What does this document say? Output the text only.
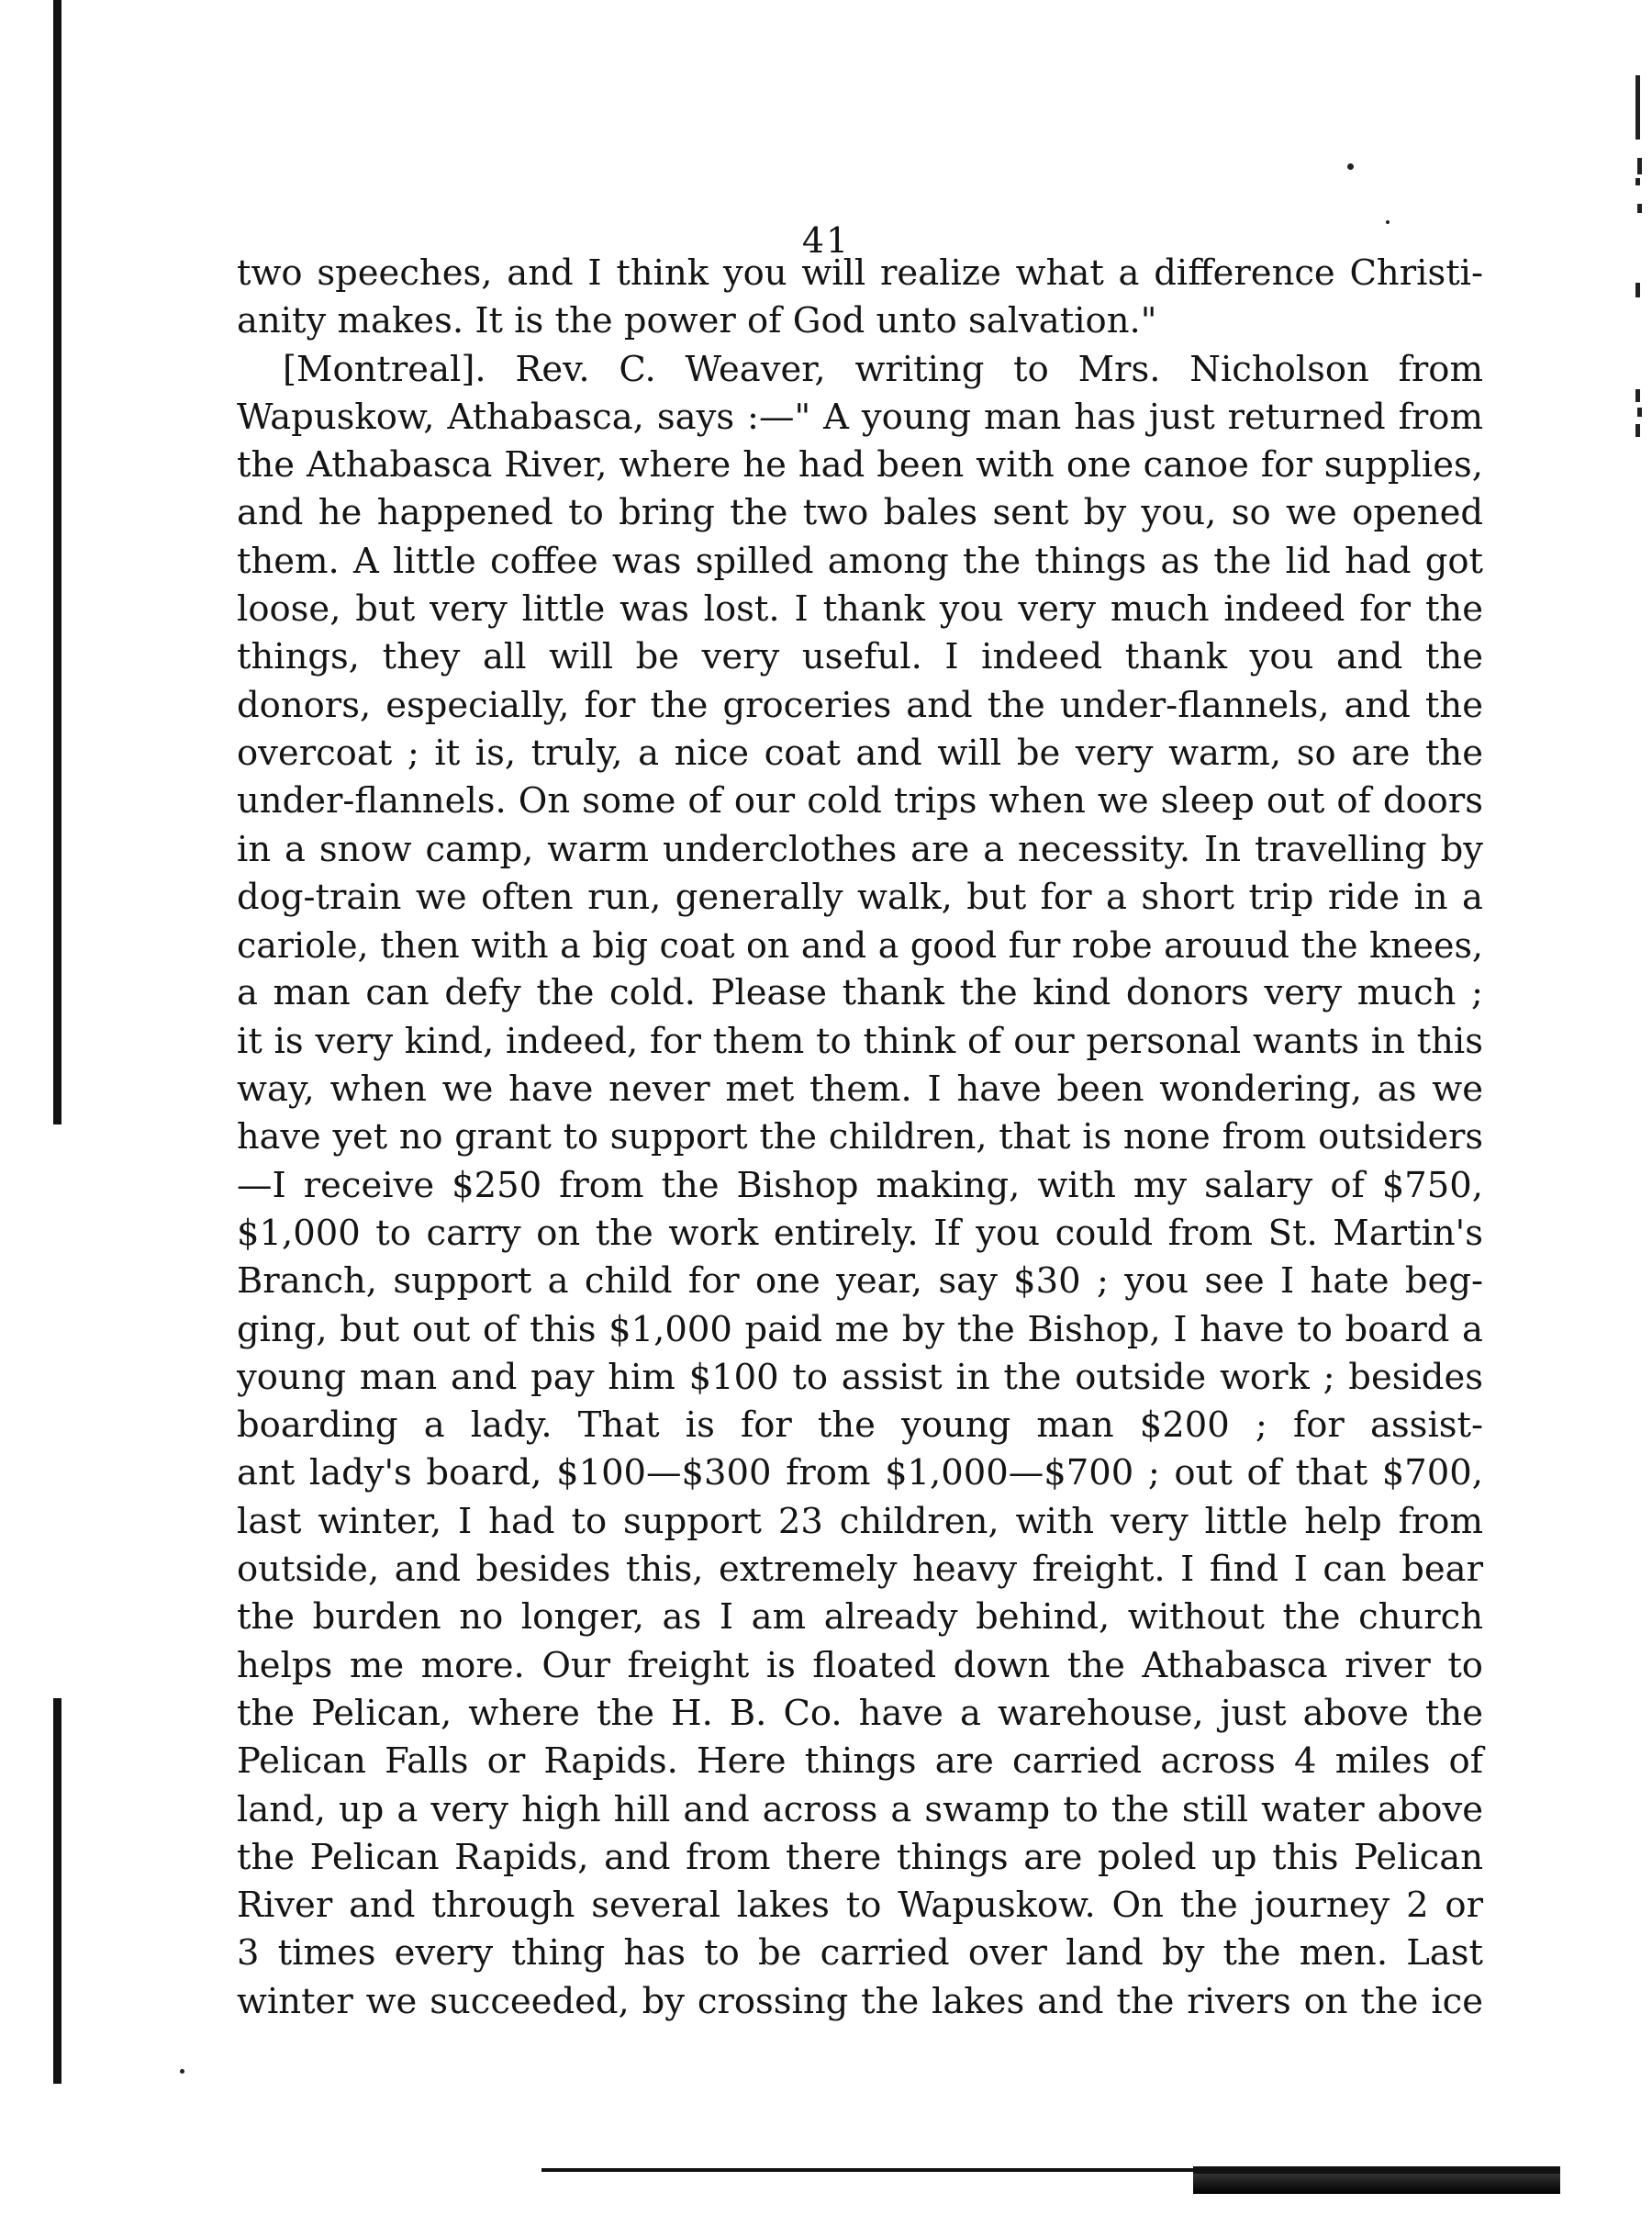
41
two speeches, and I think you will realize what a difference Christi-
anity makes. It is the power of God unto salvation."
[Montreal]. Rev. C. Weaver, writing to Mrs. Nicholson from
Wapuskow, Athabasca, says :—" A young man has just returned from
the Athabasca River, where he had been with one canoe for supplies,
and he happened to bring the two bales sent by you, so we opened
them. A little coffee was spilled among the things as the lid had got
loose, but very little was lost. I thank you very much indeed for the
things, they all will be very useful. I indeed thank you and the
donors, especially, for the groceries and the under-flannels, and the
overcoat ; it is, truly, a nice coat and will be very warm, so are the
under-flannels. On some of our cold trips when we sleep out of doors
in a snow camp, warm underclothes are a necessity. In travelling by
dog-train we often run, generally walk, but for a short trip ride in a
cariole, then with a big coat on and a good fur robe arouud the knees,
a man can defy the cold. Please thank the kind donors very much ;
it is very kind, indeed, for them to think of our personal wants in this
way, when we have never met them. I have been wondering, as we
have yet no grant to support the children, that is none from outsiders
—I receive $250 from the Bishop making, with my salary of $750,
$1,000 to carry on the work entirely. If you could from St. Martin's
Branch, support a child for one year, say $30 ; you see I hate beg-
ging, but out of this $1,000 paid me by the Bishop, I have to board a
young man and pay him $100 to assist in the outside work ; besides
boarding a lady. That is for the young man $200 ; for assist-
ant lady's board, $100—$300 from $1,000—$700 ; out of that $700,
last winter, I had to support 23 children, with very little help from
outside, and besides this, extremely heavy freight. I find I can bear
the burden no longer, as I am already behind, without the church
helps me more. Our freight is floated down the Athabasca river to
the Pelican, where the H. B. Co. have a warehouse, just above the
Pelican Falls or Rapids. Here things are carried across 4 miles of
land, up a very high hill and across a swamp to the still water above
the Pelican Rapids, and from there things are poled up this Pelican
River and through several lakes to Wapuskow. On the journey 2 or
3 times every thing has to be carried over land by the men. Last
winter we succeeded, by crossing the lakes and the rivers on the ice
